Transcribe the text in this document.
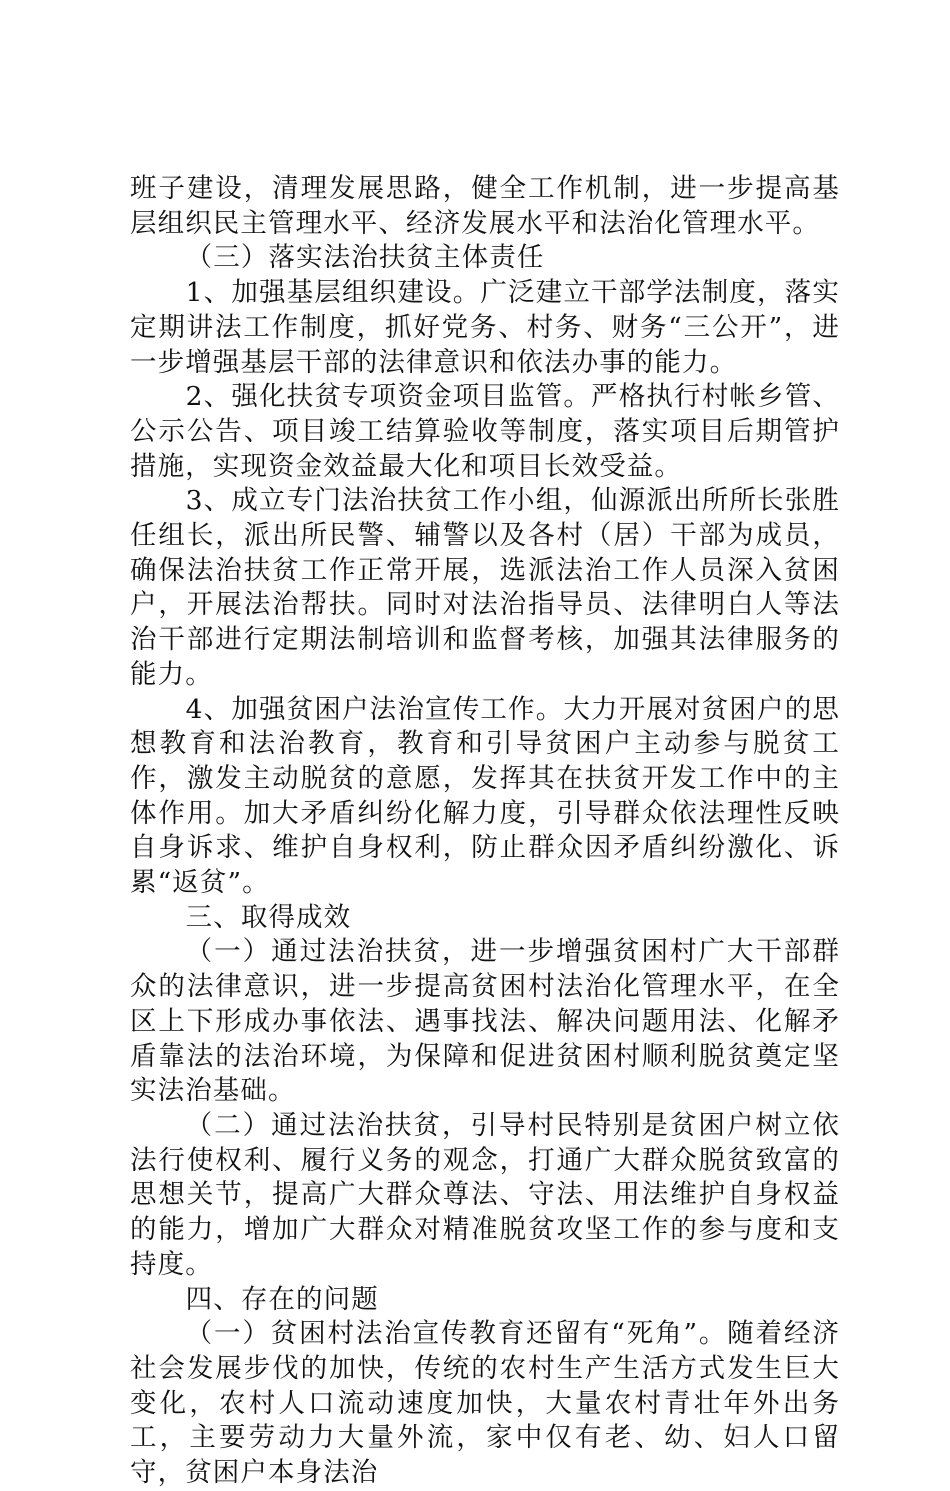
班子建设，清理发展思路，健全工作机制，进一步提高基层组织民主管理水平、经济发展水平和法治化管理水平。

（三）落实法治扶贫主体责任

1、加强基层组织建设。广泛建立干部学法制度，落实定期讲法工作制度，抓好党务、村务、财务“三公开”，进一步增强基层干部的法律意识和依法办事的能力。

2、强化扶贫专项资金项目监管。严格执行村帐乡管、公示公告、项目竣工结算验收等制度，落实项目后期管护措施，实现资金效益最大化和项目长效受益。

3、成立专门法治扶贫工作小组，仙源派出所所长张胜任组长，派出所民警、辅警以及各村（居）干部为成员，确保法治扶贫工作正常开展，选派法治工作人员深入贫困户，开展法治帮扶。同时对法治指导员、法律明白人等法治干部进行定期法制培训和监督考核，加强其法律服务的能力。

4、加强贫困户法治宣传工作。大力开展对贫困户的思想教育和法治教育，教育和引导贫困户主动参与脱贫工作，激发主动脱贫的意愿，发挥其在扶贫开发工作中的主体作用。加大矛盾纠纷化解力度，引导群众依法理性反映自身诉求、维护自身权利，防止群众因矛盾纠纷激化、诉累“返贫”。

三、取得成效

（一）通过法治扶贫，进一步增强贫困村广大干部群众的法律意识，进一步提高贫困村法治化管理水平，在全区上下形成办事依法、遇事找法、解决问题用法、化解矛盾靠法的法治环境，为保障和促进贫困村顺利脱贫奠定坚实法治基础。

（二）通过法治扶贫，引导村民特别是贫困户树立依法行使权利、履行义务的观念，打通广大群众脱贫致富的思想关节，提高广大群众尊法、守法、用法维护自身权益的能力，增加广大群众对精准脱贫攻坚工作的参与度和支持度。

四、存在的问题

（一）贫困村法治宣传教育还留有“死角”。随着经济社会发展步伐的加快，传统的农村生产生活方式发生巨大变化，农村人口流动速度加快，大量农村青壮年外出务工，主要劳动力大量外流，家中仅有老、幼、妇人口留守，贫困户本身法治
